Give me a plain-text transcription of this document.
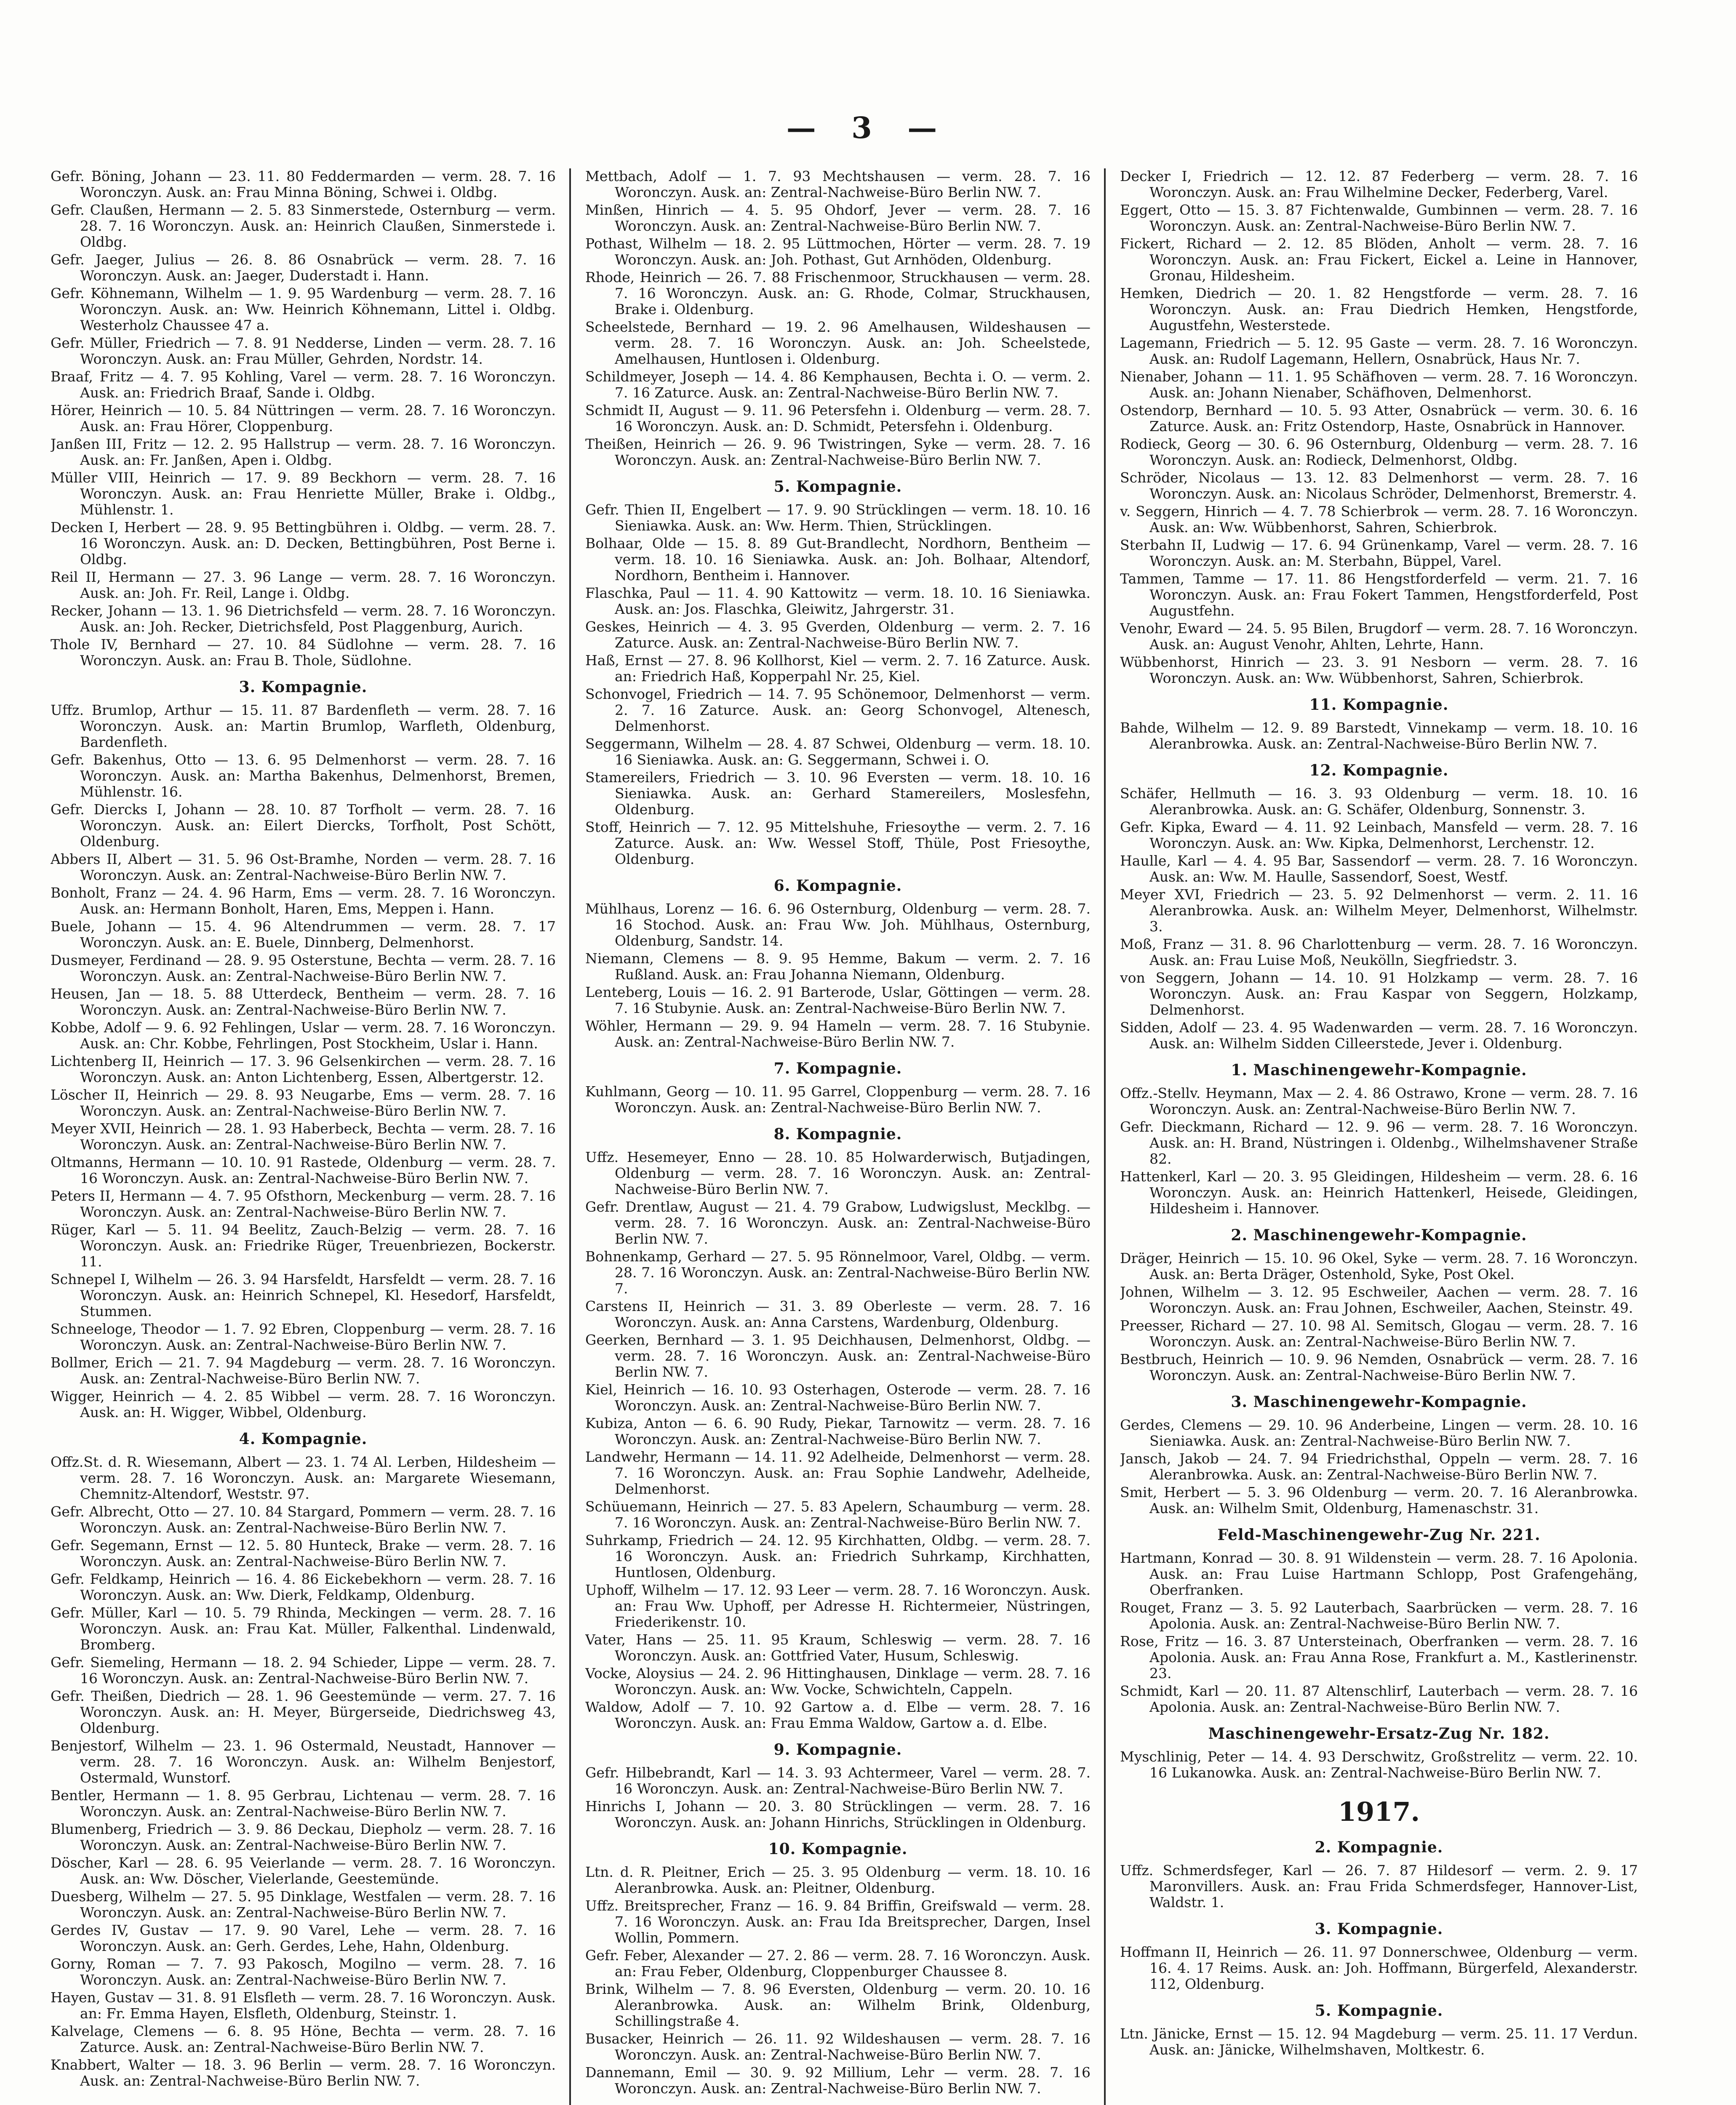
— 3 —

Gefr. Böning, Johann — 23. 11. 80 Feddermarden — verm. 28. 7. 16 Woronczyn. Ausk. an: Frau Minna Böning, Schwei i. Oldbg.

Gefr. Claußen, Hermann — 2. 5. 83 Sinmerstede, Osternburg — verm. 28. 7. 16 Woronczyn. Ausk. an: Heinrich Claußen, Sinmerstede i. Oldbg.

Gefr. Jaeger, Julius — 26. 8. 86 Osnabrück — verm. 28. 7. 16 Woronczyn. Ausk. an: Jaeger, Duderstadt i. Hann.

Gefr. Köhnemann, Wilhelm — 1. 9. 95 Wardenburg — verm. 28. 7. 16 Woronczyn. Ausk. an: Ww. Heinrich Köhnemann, Littel i. Oldbg. Westerholz Chaussee 47 a.

Gefr. Müller, Friedrich — 7. 8. 91 Nedderse, Linden — verm. 28. 7. 16 Woronczyn. Ausk. an: Frau Müller, Gehrden, Nordstr. 14.

Braaf, Fritz — 4. 7. 95 Kohling, Varel — verm. 28. 7. 16 Woronczyn. Ausk. an: Friedrich Braaf, Sande i. Oldbg.

Hörer, Heinrich — 10. 5. 84 Nüttringen — verm. 28. 7. 16 Woronczyn. Ausk. an: Frau Hörer, Cloppenburg.

Janßen III, Fritz — 12. 2. 95 Hallstrup — verm. 28. 7. 16 Woronczyn. Ausk. an: Fr. Janßen, Apen i. Oldbg.

Müller VIII, Heinrich — 17. 9. 89 Beckhorn — verm. 28. 7. 16 Woronczyn. Ausk. an: Frau Henriette Müller, Brake i. Oldbg., Mühlenstr. 1.

Decken I, Herbert — 28. 9. 95 Bettingbühren i. Oldbg. — verm. 28. 7. 16 Woronczyn. Ausk. an: D. Decken, Bettingbühren, Post Berne i. Oldbg.

Reil II, Hermann — 27. 3. 96 Lange — verm. 28. 7. 16 Woronczyn. Ausk. an: Joh. Fr. Reil, Lange i. Oldbg.

Recker, Johann — 13. 1. 96 Dietrichsfeld — verm. 28. 7. 16 Woronczyn. Ausk. an: Joh. Recker, Dietrichsfeld, Post Plaggenburg, Aurich.

Thole IV, Bernhard — 27. 10. 84 Südlohne — verm. 28. 7. 16 Woronczyn. Ausk. an: Frau B. Thole, Südlohne.

3. Kompagnie.

Uffz. Brumlop, Arthur — 15. 11. 87 Bardenfleth — verm. 28. 7. 16 Woronczyn. Ausk. an: Martin Brumlop, Warfleth, Oldenburg, Bardenfleth.

Gefr. Bakenhus, Otto — 13. 6. 95 Delmenhorst — verm. 28. 7. 16 Woronczyn. Ausk. an: Martha Bakenhus, Delmenhorst, Bremen, Mühlenstr. 16.

Gefr. Diercks I, Johann — 28. 10. 87 Torfholt — verm. 28. 7. 16 Woronczyn. Ausk. an: Eilert Diercks, Torfholt, Post Schött, Oldenburg.

Abbers II, Albert — 31. 5. 96 Ost-Bramhe, Norden — verm. 28. 7. 16 Woronczyn. Ausk. an: Zentral-Nachweise-Büro Berlin NW. 7.

Bonholt, Franz — 24. 4. 96 Harm, Ems — verm. 28. 7. 16 Woronczyn. Ausk. an: Hermann Bonholt, Haren, Ems, Meppen i. Hann.

Buele, Johann — 15. 4. 96 Altendrummen — verm. 28. 7. 17 Woronczyn. Ausk. an: E. Buele, Dinnberg, Delmenhorst.

Dusmeyer, Ferdinand — 28. 9. 95 Osterstune, Bechta — verm. 28. 7. 16 Woronczyn. Ausk. an: Zentral-Nachweise-Büro Berlin NW. 7.

Heusen, Jan — 18. 5. 88 Utterdeck, Bentheim — verm. 28. 7. 16 Woronczyn. Ausk. an: Zentral-Nachweise-Büro Berlin NW. 7.

Kobbe, Adolf — 9. 6. 92 Fehlingen, Uslar — verm. 28. 7. 16 Woronczyn. Ausk. an: Chr. Kobbe, Fehrlingen, Post Stockheim, Uslar i. Hann.

Lichtenberg II, Heinrich — 17. 3. 96 Gelsenkirchen — verm. 28. 7. 16 Woronczyn. Ausk. an: Anton Lichtenberg, Essen, Albertgerstr. 12.

Löscher II, Heinrich — 29. 8. 93 Neugarbe, Ems — verm. 28. 7. 16 Woronczyn. Ausk. an: Zentral-Nachweise-Büro Berlin NW. 7.

Meyer XVII, Heinrich — 28. 1. 93 Haberbeck, Bechta — verm. 28. 7. 16 Woronczyn. Ausk. an: Zentral-Nachweise-Büro Berlin NW. 7.

Oltmanns, Hermann — 10. 10. 91 Rastede, Oldenburg — verm. 28. 7. 16 Woronczyn. Ausk. an: Zentral-Nachweise-Büro Berlin NW. 7.

Peters II, Hermann — 4. 7. 95 Ofsthorn, Meckenburg — verm. 28. 7. 16 Woronczyn. Ausk. an: Zentral-Nachweise-Büro Berlin NW. 7.

Rüger, Karl — 5. 11. 94 Beelitz, Zauch-Belzig — verm. 28. 7. 16 Woronczyn. Ausk. an: Friedrike Rüger, Treuenbriezen, Bockerstr. 11.

Schnepel I, Wilhelm — 26. 3. 94 Harsfeldt, Harsfeldt — verm. 28. 7. 16 Woronczyn. Ausk. an: Heinrich Schnepel, Kl. Hesedorf, Harsfeldt, Stummen.

Schneeloge, Theodor — 1. 7. 92 Ebren, Cloppenburg — verm. 28. 7. 16 Woronczyn. Ausk. an: Zentral-Nachweise-Büro Berlin NW. 7.

Bollmer, Erich — 21. 7. 94 Magdeburg — verm. 28. 7. 16 Woronczyn. Ausk. an: Zentral-Nachweise-Büro Berlin NW. 7.

Wigger, Heinrich — 4. 2. 85 Wibbel — verm. 28. 7. 16 Woronczyn. Ausk. an: H. Wigger, Wibbel, Oldenburg.

4. Kompagnie.

Offz.St. d. R. Wiesemann, Albert — 23. 1. 74 Al. Lerben, Hildesheim — verm. 28. 7. 16 Woronczyn. Ausk. an: Margarete Wiesemann, Chemnitz-Altendorf, Weststr. 97.

Gefr. Albrecht, Otto — 27. 10. 84 Stargard, Pommern — verm. 28. 7. 16 Woronczyn. Ausk. an: Zentral-Nachweise-Büro Berlin NW. 7.

Gefr. Segemann, Ernst — 12. 5. 80 Hunteck, Brake — verm. 28. 7. 16 Woronczyn. Ausk. an: Zentral-Nachweise-Büro Berlin NW. 7.

Gefr. Feldkamp, Heinrich — 16. 4. 86 Eickebekhorn — verm. 28. 7. 16 Woronczyn. Ausk. an: Ww. Dierk, Feldkamp, Oldenburg.

Gefr. Müller, Karl — 10. 5. 79 Rhinda, Meckingen — verm. 28. 7. 16 Woronczyn. Ausk. an: Frau Kat. Müller, Falkenthal. Lindenwald, Bromberg.

Gefr. Siemeling, Hermann — 18. 2. 94 Schieder, Lippe — verm. 28. 7. 16 Woronczyn. Ausk. an: Zentral-Nachweise-Büro Berlin NW. 7.

Gefr. Theißen, Diedrich — 28. 1. 96 Geestemünde — verm. 27. 7. 16 Woronczyn. Ausk. an: H. Meyer, Bürgerseide, Diedrichsweg 43, Oldenburg.

Benjestorf, Wilhelm — 23. 1. 96 Ostermald, Neustadt, Hannover — verm. 28. 7. 16 Woronczyn. Ausk. an: Wilhelm Benjestorf, Ostermald, Wunstorf.

Bentler, Hermann — 1. 8. 95 Gerbrau, Lichtenau — verm. 28. 7. 16 Woronczyn. Ausk. an: Zentral-Nachweise-Büro Berlin NW. 7.

Blumenberg, Friedrich — 3. 9. 86 Deckau, Diepholz — verm. 28. 7. 16 Woronczyn. Ausk. an: Zentral-Nachweise-Büro Berlin NW. 7.

Döscher, Karl — 28. 6. 95 Veierlande — verm. 28. 7. 16 Woronczyn. Ausk. an: Ww. Döscher, Vielerlande, Geestemünde.

Duesberg, Wilhelm — 27. 5. 95 Dinklage, Westfalen — verm. 28. 7. 16 Woronczyn. Ausk. an: Zentral-Nachweise-Büro Berlin NW. 7.

Gerdes IV, Gustav — 17. 9. 90 Varel, Lehe — verm. 28. 7. 16 Woronczyn. Ausk. an: Gerh. Gerdes, Lehe, Hahn, Oldenburg.

Gorny, Roman — 7. 7. 93 Pakosch, Mogilno — verm. 28. 7. 16 Woronczyn. Ausk. an: Zentral-Nachweise-Büro Berlin NW. 7.

Hayen, Gustav — 31. 8. 91 Elsfleth — verm. 28. 7. 16 Woronczyn. Ausk. an: Fr. Emma Hayen, Elsfleth, Oldenburg, Steinstr. 1.

Kalvelage, Clemens — 6. 8. 95 Höne, Bechta — verm. 28. 7. 16 Zaturce. Ausk. an: Zentral-Nachweise-Büro Berlin NW. 7.

Knabbert, Walter — 18. 3. 96 Berlin — verm. 28. 7. 16 Woronczyn. Ausk. an: Zentral-Nachweise-Büro Berlin NW. 7.

Mettbach, Adolf — 1. 7. 93 Mechtshausen — verm. 28. 7. 16 Woronczyn. Ausk. an: Zentral-Nachweise-Büro Berlin NW. 7.

Minßen, Hinrich — 4. 5. 95 Ohdorf, Jever — verm. 28. 7. 16 Woronczyn. Ausk. an: Zentral-Nachweise-Büro Berlin NW. 7.

Pothast, Wilhelm — 18. 2. 95 Lüttmochen, Hörter — verm. 28. 7. 19 Woronczyn. Ausk. an: Joh. Pothast, Gut Arnhöden, Oldenburg.

Rhode, Heinrich — 26. 7. 88 Frischenmoor, Struckhausen — verm. 28. 7. 16 Woronczyn. Ausk. an: G. Rhode, Colmar, Struckhausen, Brake i. Oldenburg.

Scheelstede, Bernhard — 19. 2. 96 Amelhausen, Wildeshausen — verm. 28. 7. 16 Woronczyn. Ausk. an: Joh. Scheelstede, Amelhausen, Huntlosen i. Oldenburg.

Schildmeyer, Joseph — 14. 4. 86 Kemphausen, Bechta i. O. — verm. 2. 7. 16 Zaturce. Ausk. an: Zentral-Nachweise-Büro Berlin NW. 7.

Schmidt II, August — 9. 11. 96 Petersfehn i. Oldenburg — verm. 28. 7. 16 Woronczyn. Ausk. an: D. Schmidt, Petersfehn i. Oldenburg.

Theißen, Heinrich — 26. 9. 96 Twistringen, Syke — verm. 28. 7. 16 Woronczyn. Ausk. an: Zentral-Nachweise-Büro Berlin NW. 7.

5. Kompagnie.

Gefr. Thien II, Engelbert — 17. 9. 90 Strücklingen — verm. 18. 10. 16 Sieniawka. Ausk. an: Ww. Herm. Thien, Strücklingen.

Bolhaar, Olde — 15. 8. 89 Gut-Brandlecht, Nordhorn, Bentheim — verm. 18. 10. 16 Sieniawka. Ausk. an: Joh. Bolhaar, Altendorf, Nordhorn, Bentheim i. Hannover.

Flaschka, Paul — 11. 4. 90 Kattowitz — verm. 18. 10. 16 Sieniawka. Ausk. an: Jos. Flaschka, Gleiwitz, Jahrgerstr. 31.

Geskes, Heinrich — 4. 3. 95 Gverden, Oldenburg — verm. 2. 7. 16 Zaturce. Ausk. an: Zentral-Nachweise-Büro Berlin NW. 7.

Haß, Ernst — 27. 8. 96 Kollhorst, Kiel — verm. 2. 7. 16 Zaturce. Ausk. an: Friedrich Haß, Kopperpahl Nr. 25, Kiel.

Schonvogel, Friedrich — 14. 7. 95 Schönemoor, Delmenhorst — verm. 2. 7. 16 Zaturce. Ausk. an: Georg Schonvogel, Altenesch, Delmenhorst.

Seggermann, Wilhelm — 28. 4. 87 Schwei, Oldenburg — verm. 18. 10. 16 Sieniawka. Ausk. an: G. Seggermann, Schwei i. O.

Stamereilers, Friedrich — 3. 10. 96 Eversten — verm. 18. 10. 16 Sieniawka. Ausk. an: Gerhard Stamereilers, Moslesfehn, Oldenburg.

Stoff, Heinrich — 7. 12. 95 Mittelshuhe, Friesoythe — verm. 2. 7. 16 Zaturce. Ausk. an: Ww. Wessel Stoff, Thüle, Post Friesoythe, Oldenburg.

6. Kompagnie.

Mühlhaus, Lorenz — 16. 6. 96 Osternburg, Oldenburg — verm. 28. 7. 16 Stochod. Ausk. an: Frau Ww. Joh. Mühlhaus, Osternburg, Oldenburg, Sandstr. 14.

Niemann, Clemens — 8. 9. 95 Hemme, Bakum — verm. 2. 7. 16 Rußland. Ausk. an: Frau Johanna Niemann, Oldenburg.

Lenteberg, Louis — 16. 2. 91 Barterode, Uslar, Göttingen — verm. 28. 7. 16 Stubynie. Ausk. an: Zentral-Nachweise-Büro Berlin NW. 7.

Wöhler, Hermann — 29. 9. 94 Hameln — verm. 28. 7. 16 Stubynie. Ausk. an: Zentral-Nachweise-Büro Berlin NW. 7.

7. Kompagnie.

Kuhlmann, Georg — 10. 11. 95 Garrel, Cloppenburg — verm. 28. 7. 16 Woronczyn. Ausk. an: Zentral-Nachweise-Büro Berlin NW. 7.

8. Kompagnie.

Uffz. Hesemeyer, Enno — 28. 10. 85 Holwarderwisch, Butjadingen, Oldenburg — verm. 28. 7. 16 Woronczyn. Ausk. an: Zentral-Nachweise-Büro Berlin NW. 7.

Gefr. Drentlaw, August — 21. 4. 79 Grabow, Ludwigslust, Mecklbg. — verm. 28. 7. 16 Woronczyn. Ausk. an: Zentral-Nachweise-Büro Berlin NW. 7.

Bohnenkamp, Gerhard — 27. 5. 95 Rönnelmoor, Varel, Oldbg. — verm. 28. 7. 16 Woronczyn. Ausk. an: Zentral-Nachweise-Büro Berlin NW. 7.

Carstens II, Heinrich — 31. 3. 89 Oberleste — verm. 28. 7. 16 Woronczyn. Ausk. an: Anna Carstens, Wardenburg, Oldenburg.

Geerken, Bernhard — 3. 1. 95 Deichhausen, Delmenhorst, Oldbg. — verm. 28. 7. 16 Woronczyn. Ausk. an: Zentral-Nachweise-Büro Berlin NW. 7.

Kiel, Heinrich — 16. 10. 93 Osterhagen, Osterode — verm. 28. 7. 16 Woronczyn. Ausk. an: Zentral-Nachweise-Büro Berlin NW. 7.

Kubiza, Anton — 6. 6. 90 Rudy, Piekar, Tarnowitz — verm. 28. 7. 16 Woronczyn. Ausk. an: Zentral-Nachweise-Büro Berlin NW. 7.

Landwehr, Hermann — 14. 11. 92 Adelheide, Delmenhorst — verm. 28. 7. 16 Woronczyn. Ausk. an: Frau Sophie Landwehr, Adelheide, Delmenhorst.

Schüuemann, Heinrich — 27. 5. 83 Apelern, Schaumburg — verm. 28. 7. 16 Woronczyn. Ausk. an: Zentral-Nachweise-Büro Berlin NW. 7.

Suhrkamp, Friedrich — 24. 12. 95 Kirchhatten, Oldbg. — verm. 28. 7. 16 Woronczyn. Ausk. an: Friedrich Suhrkamp, Kirchhatten, Huntlosen, Oldenburg.

Uphoff, Wilhelm — 17. 12. 93 Leer — verm. 28. 7. 16 Woronczyn. Ausk. an: Frau Ww. Uphoff, per Adresse H. Richtermeier, Nüstringen, Friederikenstr. 10.

Vater, Hans — 25. 11. 95 Kraum, Schleswig — verm. 28. 7. 16 Woronczyn. Ausk. an: Gottfried Vater, Husum, Schleswig.

Vocke, Aloysius — 24. 2. 96 Hittinghausen, Dinklage — verm. 28. 7. 16 Woronczyn. Ausk. an: Ww. Vocke, Schwichteln, Cappeln.

Waldow, Adolf — 7. 10. 92 Gartow a. d. Elbe — verm. 28. 7. 16 Woronczyn. Ausk. an: Frau Emma Waldow, Gartow a. d. Elbe.

9. Kompagnie.

Gefr. Hilbebrandt, Karl — 14. 3. 93 Achtermeer, Varel — verm. 28. 7. 16 Woronczyn. Ausk. an: Zentral-Nachweise-Büro Berlin NW. 7.

Hinrichs I, Johann — 20. 3. 80 Strücklingen — verm. 28. 7. 16 Woronczyn. Ausk. an: Johann Hinrichs, Strücklingen in Oldenburg.

10. Kompagnie.

Ltn. d. R. Pleitner, Erich — 25. 3. 95 Oldenburg — verm. 18. 10. 16 Aleranbrowka. Ausk. an: Pleitner, Oldenburg.

Uffz. Breitsprecher, Franz — 16. 9. 84 Briffin, Greifswald — verm. 28. 7. 16 Woronczyn. Ausk. an: Frau Ida Breitsprecher, Dargen, Insel Wollin, Pommern.

Gefr. Feber, Alexander — 27. 2. 86 — verm. 28. 7. 16 Woronczyn. Ausk. an: Frau Feber, Oldenburg, Cloppenburger Chaussee 8.

Brink, Wilhelm — 7. 8. 96 Eversten, Oldenburg — verm. 20. 10. 16 Aleranbrowka. Ausk. an: Wilhelm Brink, Oldenburg, Schillingstraße 4.

Busacker, Heinrich — 26. 11. 92 Wildeshausen — verm. 28. 7. 16 Woronczyn. Ausk. an: Zentral-Nachweise-Büro Berlin NW. 7.

Dannemann, Emil — 30. 9. 92 Millium, Lehr — verm. 28. 7. 16 Woronczyn. Ausk. an: Zentral-Nachweise-Büro Berlin NW. 7.

Decker I, Friedrich — 12. 12. 87 Federberg — verm. 28. 7. 16 Woronczyn. Ausk. an: Frau Wilhelmine Decker, Federberg, Varel.

Eggert, Otto — 15. 3. 87 Fichtenwalde, Gumbinnen — verm. 28. 7. 16 Woronczyn. Ausk. an: Zentral-Nachweise-Büro Berlin NW. 7.

Fickert, Richard — 2. 12. 85 Blöden, Anholt — verm. 28. 7. 16 Woronczyn. Ausk. an: Frau Fickert, Eickel a. Leine in Hannover, Gronau, Hildesheim.

Hemken, Diedrich — 20. 1. 82 Hengstforde — verm. 28. 7. 16 Woronczyn. Ausk. an: Frau Diedrich Hemken, Hengstforde, Augustfehn, Westerstede.

Lagemann, Friedrich — 5. 12. 95 Gaste — verm. 28. 7. 16 Woronczyn. Ausk. an: Rudolf Lagemann, Hellern, Osnabrück, Haus Nr. 7.

Nienaber, Johann — 11. 1. 95 Schäfhoven — verm. 28. 7. 16 Woronczyn. Ausk. an: Johann Nienaber, Schäfhoven, Delmenhorst.

Ostendorp, Bernhard — 10. 5. 93 Atter, Osnabrück — verm. 30. 6. 16 Zaturce. Ausk. an: Fritz Ostendorp, Haste, Osnabrück in Hannover.

Rodieck, Georg — 30. 6. 96 Osternburg, Oldenburg — verm. 28. 7. 16 Woronczyn. Ausk. an: Rodieck, Delmenhorst, Oldbg.

Schröder, Nicolaus — 13. 12. 83 Delmenhorst — verm. 28. 7. 16 Woronczyn. Ausk. an: Nicolaus Schröder, Delmenhorst, Bremerstr. 4.

v. Seggern, Hinrich — 4. 7. 78 Schierbrok — verm. 28. 7. 16 Woronczyn. Ausk. an: Ww. Wübbenhorst, Sahren, Schierbrok.

Sterbahn II, Ludwig — 17. 6. 94 Grünenkamp, Varel — verm. 28. 7. 16 Woronczyn. Ausk. an: M. Sterbahn, Büppel, Varel.

Tammen, Tamme — 17. 11. 86 Hengstforderfeld — verm. 21. 7. 16 Woronczyn. Ausk. an: Frau Fokert Tammen, Hengstforderfeld, Post Augustfehn.

Venohr, Eward — 24. 5. 95 Bilen, Brugdorf — verm. 28. 7. 16 Woronczyn. Ausk. an: August Venohr, Ahlten, Lehrte, Hann.

Wübbenhorst, Hinrich — 23. 3. 91 Nesborn — verm. 28. 7. 16 Woronczyn. Ausk. an: Ww. Wübbenhorst, Sahren, Schierbrok.

11. Kompagnie.

Bahde, Wilhelm — 12. 9. 89 Barstedt, Vinnekamp — verm. 18. 10. 16 Aleranbrowka. Ausk. an: Zentral-Nachweise-Büro Berlin NW. 7.

12. Kompagnie.

Schäfer, Hellmuth — 16. 3. 93 Oldenburg — verm. 18. 10. 16 Aleranbrowka. Ausk. an: G. Schäfer, Oldenburg, Sonnenstr. 3.

Gefr. Kipka, Eward — 4. 11. 92 Leinbach, Mansfeld — verm. 28. 7. 16 Woronczyn. Ausk. an: Ww. Kipka, Delmenhorst, Lerchenstr. 12.

Haulle, Karl — 4. 4. 95 Bar, Sassendorf — verm. 28. 7. 16 Woronczyn. Ausk. an: Ww. M. Haulle, Sassendorf, Soest, Westf.

Meyer XVI, Friedrich — 23. 5. 92 Delmenhorst — verm. 2. 11. 16 Aleranbrowka. Ausk. an: Wilhelm Meyer, Delmenhorst, Wilhelmstr. 3.

Moß, Franz — 31. 8. 96 Charlottenburg — verm. 28. 7. 16 Woronczyn. Ausk. an: Frau Luise Moß, Neukölln, Siegfriedstr. 3.

von Seggern, Johann — 14. 10. 91 Holzkamp — verm. 28. 7. 16 Woronczyn. Ausk. an: Frau Kaspar von Seggern, Holzkamp, Delmenhorst.

Sidden, Adolf — 23. 4. 95 Wadenwarden — verm. 28. 7. 16 Woronczyn. Ausk. an: Wilhelm Sidden Cilleerstede, Jever i. Oldenburg.

1. Maschinengewehr-Kompagnie.

Offz.-Stellv. Heymann, Max — 2. 4. 86 Ostrawo, Krone — verm. 28. 7. 16 Woronczyn. Ausk. an: Zentral-Nachweise-Büro Berlin NW. 7.

Gefr. Dieckmann, Richard — 12. 9. 96 — verm. 28. 7. 16 Woronczyn. Ausk. an: H. Brand, Nüstringen i. Oldenbg., Wilhelmshavener Straße 82.

Hattenkerl, Karl — 20. 3. 95 Gleidingen, Hildesheim — verm. 28. 6. 16 Woronczyn. Ausk. an: Heinrich Hattenkerl, Heisede, Gleidingen, Hildesheim i. Hannover.

2. Maschinengewehr-Kompagnie.

Dräger, Heinrich — 15. 10. 96 Okel, Syke — verm. 28. 7. 16 Woronczyn. Ausk. an: Berta Dräger, Ostenhold, Syke, Post Okel.

Johnen, Wilhelm — 3. 12. 95 Eschweiler, Aachen — verm. 28. 7. 16 Woronczyn. Ausk. an: Frau Johnen, Eschweiler, Aachen, Steinstr. 49.

Preesser, Richard — 27. 10. 98 Al. Semitsch, Glogau — verm. 28. 7. 16 Woronczyn. Ausk. an: Zentral-Nachweise-Büro Berlin NW. 7.

Bestbruch, Heinrich — 10. 9. 96 Nemden, Osnabrück — verm. 28. 7. 16 Woronczyn. Ausk. an: Zentral-Nachweise-Büro Berlin NW. 7.

3. Maschinengewehr-Kompagnie.

Gerdes, Clemens — 29. 10. 96 Anderbeine, Lingen — verm. 28. 10. 16 Sieniawka. Ausk. an: Zentral-Nachweise-Büro Berlin NW. 7.

Jansch, Jakob — 24. 7. 94 Friedrichsthal, Oppeln — verm. 28. 7. 16 Aleranbrowka. Ausk. an: Zentral-Nachweise-Büro Berlin NW. 7.

Smit, Herbert — 5. 3. 96 Oldenburg — verm. 20. 7. 16 Aleranbrowka. Ausk. an: Wilhelm Smit, Oldenburg, Hamenaschstr. 31.

Feld-Maschinengewehr-Zug Nr. 221.

Hartmann, Konrad — 30. 8. 91 Wildenstein — verm. 28. 7. 16 Apolonia. Ausk. an: Frau Luise Hartmann Schlopp, Post Grafengehäng, Oberfranken.

Rouget, Franz — 3. 5. 92 Lauterbach, Saarbrücken — verm. 28. 7. 16 Apolonia. Ausk. an: Zentral-Nachweise-Büro Berlin NW. 7.

Rose, Fritz — 16. 3. 87 Untersteinach, Oberfranken — verm. 28. 7. 16 Apolonia. Ausk. an: Frau Anna Rose, Frankfurt a. M., Kastlerinenstr. 23.

Schmidt, Karl — 20. 11. 87 Altenschlirf, Lauterbach — verm. 28. 7. 16 Apolonia. Ausk. an: Zentral-Nachweise-Büro Berlin NW. 7.

Maschinengewehr-Ersatz-Zug Nr. 182.

Myschlinig, Peter — 14. 4. 93 Derschwitz, Großstrelitz — verm. 22. 10. 16 Lukanowka. Ausk. an: Zentral-Nachweise-Büro Berlin NW. 7.

1917.

2. Kompagnie.

Uffz. Schmerdsfeger, Karl — 26. 7. 87 Hildesorf — verm. 2. 9. 17 Maronvillers. Ausk. an: Frau Frida Schmerdsfeger, Hannover-List, Waldstr. 1.

3. Kompagnie.

Hoffmann II, Heinrich — 26. 11. 97 Donnerschwee, Oldenburg — verm. 16. 4. 17 Reims. Ausk. an: Joh. Hoffmann, Bürgerfeld, Alexanderstr. 112, Oldenburg.

5. Kompagnie.

Ltn. Jänicke, Ernst — 15. 12. 94 Magdeburg — verm. 25. 11. 17 Verdun. Ausk. an: Jänicke, Wilhelmshaven, Moltkestr. 6.
